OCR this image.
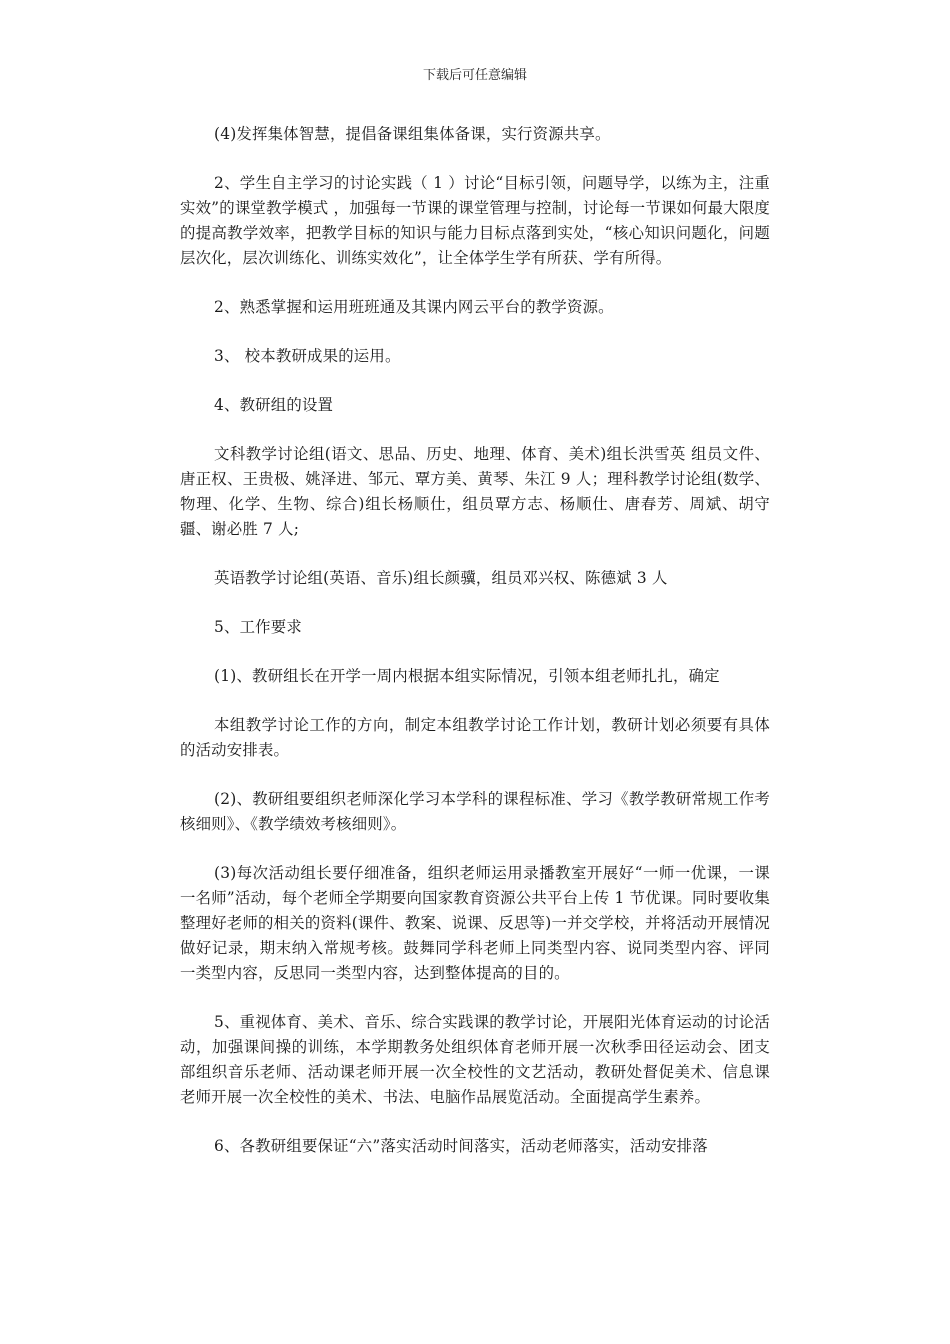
下载后可任意编辑

(4)发挥集体智慧，提倡备课组集体备课，实行资源共享。

2、学生自主学习的讨论实践（ 1 ）讨论“目标引领，问题导学，以练为主，注重实效”的课堂教学模式 ，加强每一节课的课堂管理与控制，讨论每一节课如何最大限度的提高教学效率，把教学目标的知识与能力目标点落到实处，“核心知识问题化，问题层次化，层次训练化、训练实效化”，让全体学生学有所获、学有所得。

2、熟悉掌握和运用班班通及其课内网云平台的教学资源。

3、 校本教研成果的运用。

4、教研组的设置

文科教学讨论组(语文、思品、历史、地理、体育、美术)组长洪雪英 组员文件、唐正权、王贵极、姚泽进、邹元、覃方美、黄琴、朱江 9 人；理科教学讨论组(数学、物理、化学、生物、综合)组长杨顺仕，组员覃方志、杨顺仕、唐春芳、周斌、胡守疆、谢必胜 7 人;

英语教学讨论组(英语、音乐)组长颜骥，组员邓兴权、陈德斌 3 人

5、工作要求

(1)、教研组长在开学一周内根据本组实际情况，引领本组老师扎扎，确定

本组教学讨论工作的方向，制定本组教学讨论工作计划，教研计划必须要有具体的活动安排表。

(2)、教研组要组织老师深化学习本学科的课程标准、学习《教学教研常规工作考核细则》、《教学绩效考核细则》。

(3)每次活动组长要仔细准备，组织老师运用录播教室开展好“一师一优课，一课一名师”活动，每个老师全学期要向国家教育资源公共平台上传 1 节优课。同时要收集整理好老师的相关的资料(课件、教案、说课、反思等)一并交学校，并将活动开展情况做好记录，期末纳入常规考核。鼓舞同学科老师上同类型内容、说同类型内容、评同一类型内容，反思同一类型内容，达到整体提高的目的。

5、重视体育、美术、音乐、综合实践课的教学讨论，开展阳光体育运动的讨论活动，加强课间操的训练，本学期教务处组织体育老师开展一次秋季田径运动会、团支部组织音乐老师、活动课老师开展一次全校性的文艺活动，教研处督促美术、信息课老师开展一次全校性的美术、书法、电脑作品展览活动。全面提高学生素养。

6、各教研组要保证“六”落实活动时间落实，活动老师落实，活动安排落
